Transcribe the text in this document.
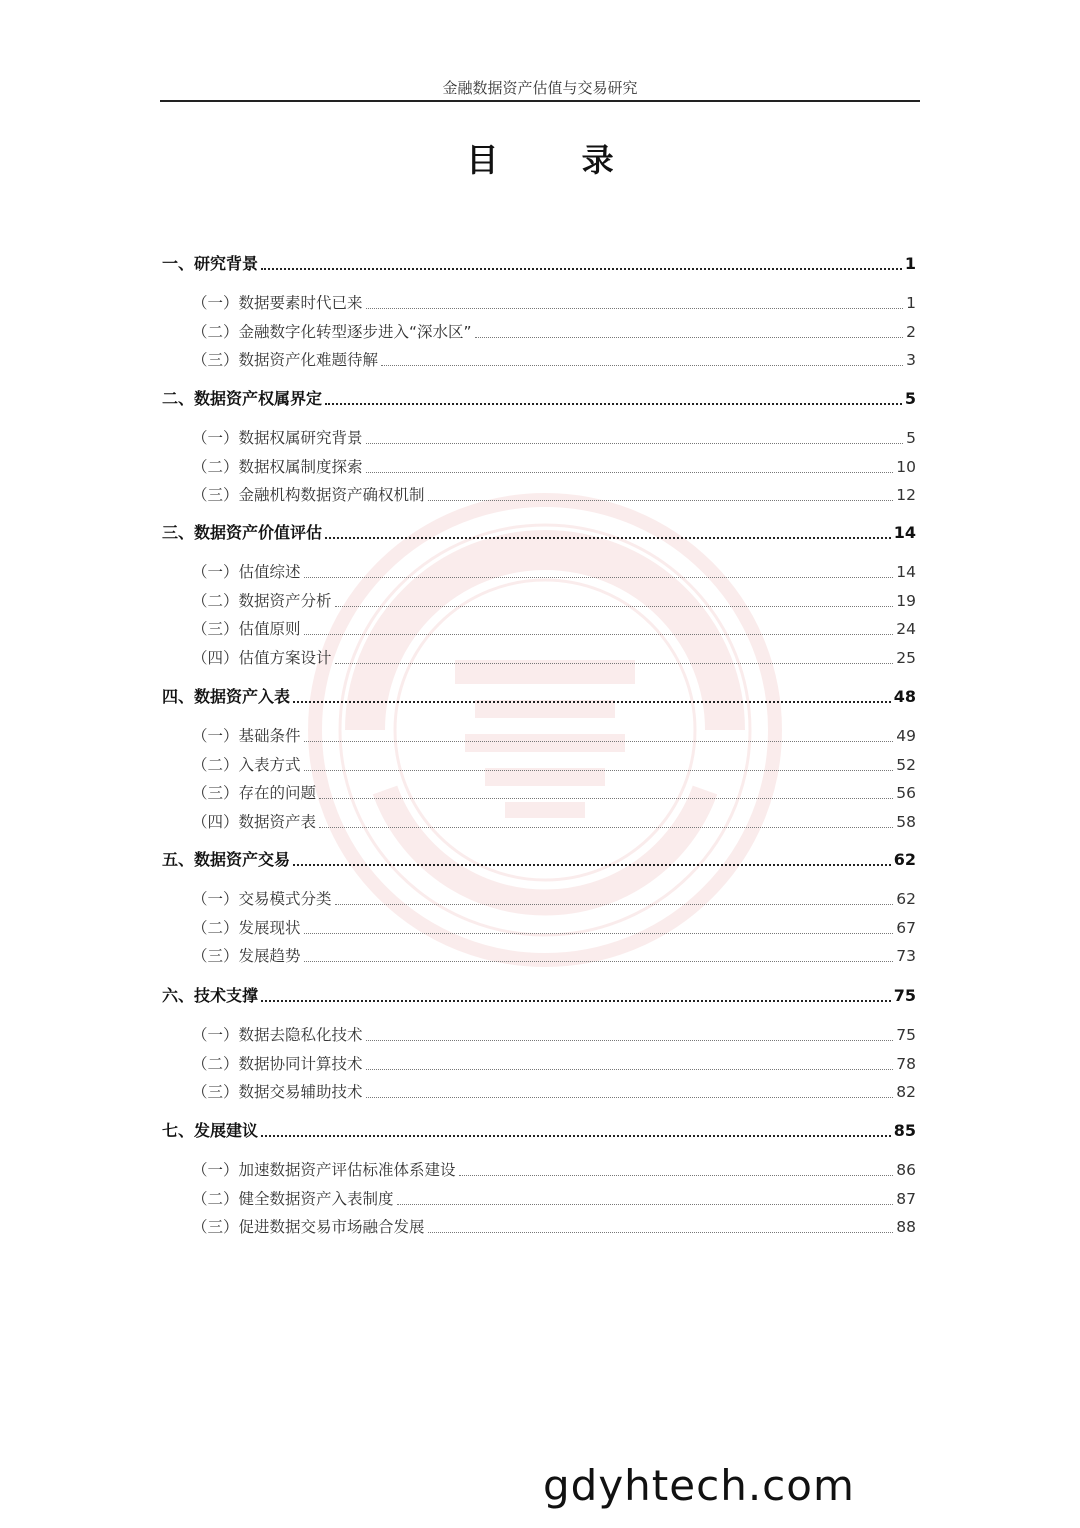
金融数据资产估值与交易研究
目 录
一、研究背景	1
（一）数据要素时代已来	1
（二）金融数字化转型逐步进入“深水区”	2
（三）数据资产化难题待解	3
二、数据资产权属界定	5
（一）数据权属研究背景	5
（二）数据权属制度探索	10
（三）金融机构数据资产确权机制	12
三、数据资产价值评估	14
（一）估值综述	14
（二）数据资产分析	19
（三）估值原则	24
（四）估值方案设计	25
四、数据资产入表	48
（一）基础条件	49
（二）入表方式	52
（三）存在的问题	56
（四）数据资产表	58
五、数据资产交易	62
（一）交易模式分类	62
（二）发展现状	67
（三）发展趋势	73
六、技术支撑	75
（一）数据去隐私化技术	75
（二）数据协同计算技术	78
（三）数据交易辅助技术	82
七、发展建议	85
（一）加速数据资产评估标准体系建设	86
（二）健全数据资产入表制度	87
（三）促进数据交易市场融合发展	88
gdyhtech.com
